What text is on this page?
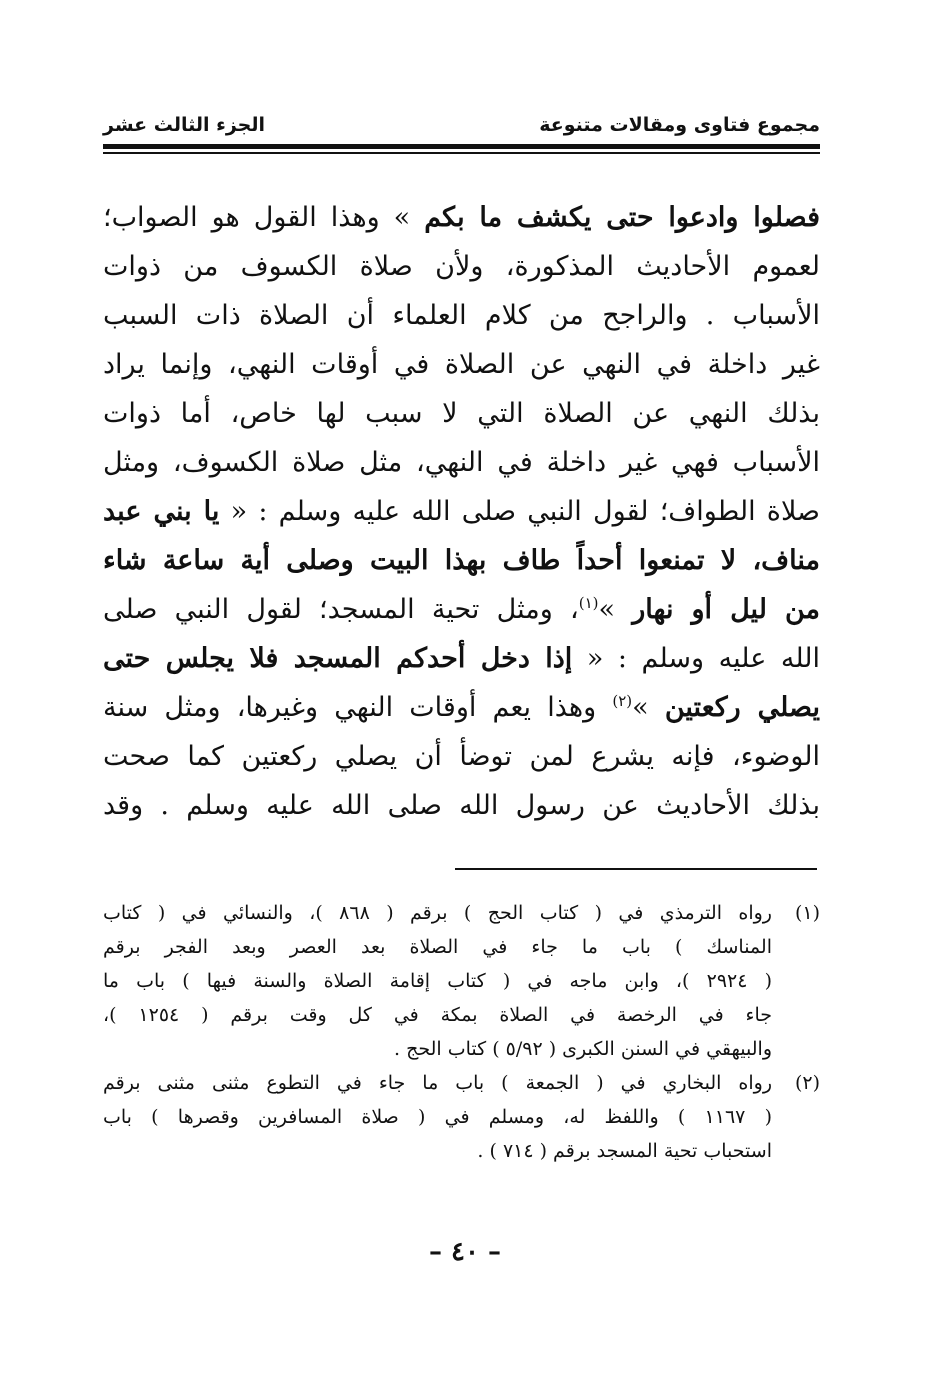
مجموع فتاوى ومقالات متنوعة
الجزء الثالث عشر
فصلوا وادعوا حتى يكشف ما بكم » وهذا القول هو الصواب؛
لعموم الأحاديث المذكورة، ولأن صلاة الكسوف من ذوات
الأسباب . والراجح من كلام العلماء أن الصلاة ذات السبب
غير داخلة في النهي عن الصلاة في أوقات النهي، وإنما يراد
بذلك النهي عن الصلاة التي لا سبب لها خاص، أما ذوات
الأسباب فهي غير داخلة في النهي، مثل صلاة الكسوف، ومثل
صلاة الطواف؛ لقول النبي صلى الله عليه وسلم : « يا بني عبد
مناف، لا تمنعوا أحداً طاف بهذا البيت وصلى أية ساعة شاء
من ليل أو نهار »$^{(١)}$، ومثل تحية المسجد؛ لقول النبي صلى
الله عليه وسلم : « إذا دخل أحدكم المسجد فلا يجلس حتى
يصلي ركعتين »$^{(٢)}$ وهذا يعم أوقات النهي وغيرها، ومثل سنة
الوضوء، فإنه يشرع لمن توضأ أن يصلي ركعتين كما صحت
بذلك الأحاديث عن رسول الله صلى الله عليه وسلم . وقد
(١)
رواه الترمذي في ( كتاب الحج ) برقم ( ٨٦٨ )، والنسائي في ( كتاب
المناسك ) باب ما جاء في الصلاة بعد العصر وبعد الفجر برقم
( ٢٩٢٤ )، وابن ماجه في ( كتاب إقامة الصلاة والسنة فيها ) باب ما
جاء في الرخصة في الصلاة بمكة في كل وقت برقم ( ١٢٥٤ )،
والبيهقي في السنن الكبرى ( ٥/٩٢ ) كتاب الحج .
(٢)
رواه البخاري في ( الجمعة ) باب ما جاء في التطوع مثنى مثنى برقم
( ١١٦٧ ) واللفظ له، ومسلم في ( صلاة المسافرين وقصرها ) باب
استحباب تحية المسجد برقم ( ٧١٤ ) .
– ٤٠ –
